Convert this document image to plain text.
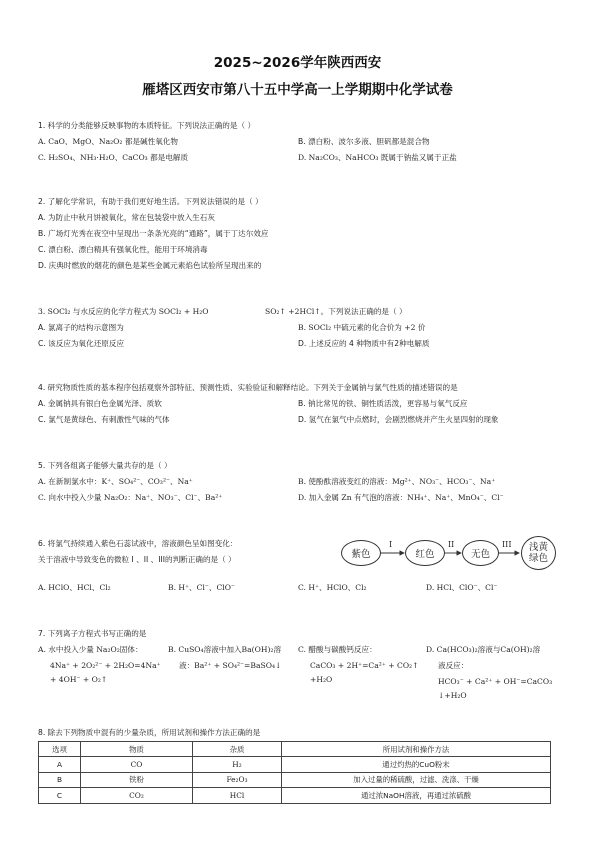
2025~2026学年陕西西安
雁塔区西安市第八十五中学高一上学期期中化学试卷
1. 科学的分类能够反映事物的本质特征。下列说法正确的是（ ）
A. CaO、MgO、Na₂O₂ 都是碱性氧化物	B. 漂白粉、波尔多液、胆矾都是混合物
C. H₂SO₄、NH₃·H₂O、CaCO₃ 都是电解质	D. Na₂CO₃、NaHCO₃ 既属于钠盐又属于正盐
2. 了解化学常识，有助于我们更好地生活。下列说法错误的是（ ）
A. 为防止中秋月饼被氧化，常在包装袋中放入生石灰
B. 广场灯光秀在夜空中呈现出一条条光亮的“通路”，属于丁达尔效应
C. 漂白粉、漂白精具有强氧化性，能用于环境消毒
D. 庆典时燃放的烟花的颜色是某些金属元素焰色试验所呈现出来的
3. SOCl₂ 与水反应的化学方程式为 SOCl₂ + H₂O	SO₂↑ +2HCl↑。下列说法正确的是（ ）
A. 氯离子的结构示意图为	B. SOCl₂ 中硫元素的化合价为 +2 价
C. 该反应为氧化还原反应	D. 上述反应的 4 种物质中有2种电解质
4. 研究物质性质的基本程序包括观察外部特征、预测性质、实验验证和解释结论。下列关于金属钠与氯气性质的描述错误的是
A. 金属钠具有银白色金属光泽、质软	B. 钠比常见的铁、铜性质活泼，更容易与氧气反应
C. 氯气是黄绿色、有刺激性气味的气体	D. 氢气在氯气中点燃时，会剧烈燃烧并产生火星四射的现象
5. 下列各组离子能够大量共存的是（ ）
A. 在新制氯水中：K⁺、SO₄²⁻、CO₃²⁻、Na⁺	B. 使酚酞溶液变红的溶液：Mg²⁺、NO₃⁻、HCO₃⁻、Na⁺
C. 向水中投入少量 Na₂O₂：Na⁺、NO₃⁻、Cl⁻、Ba²⁺	D. 加入金属 Zn 有气泡的溶液：NH₄⁺、Na⁺、MnO₄⁻、Cl⁻
6. 将氯气持续通入紫色石蕊试液中，溶液颜色呈如图变化：
关于溶液中导致变色的微粒 I 、II 、III的判断正确的是（ ）	紫色
I
红色
II
无色
III 浅黄
绿色
A. HClO、HCl、Cl₂	B. H⁺、Cl⁻、ClO⁻	C. H⁺、HClO、Cl₂	D. HCl、ClO⁻、Cl⁻
7. 下列离子方程式书写正确的是
A. 水中投入少量 Na₂O₂固体：
4Na⁺ + 2O₂²⁻ + 2H₂O=4Na⁺
+ 4OH⁻ + O₂↑
B. CuSO₄溶液中加入Ba(OH)₂溶
液：Ba²⁺ + SO₄²⁻=BaSO₄↓
C. 醋酸与碳酸钙反应：
CaCO₃ + 2H⁺=Ca²⁺ + CO₂↑
+H₂O
D. Ca(HCO₃)₂溶液与Ca(OH)₂溶
液反应：
HCO₃⁻ + Ca²⁺ + OH⁻=CaCO₃
↓+H₂O
8. 除去下列物质中混有的少量杂质，所用试剂和操作方法正确的是
选项	物质	杂质	所用试剂和操作方法
A	CO	H₂	通过灼热的CuO粉末
B	铁粉	Fe₂O₃	加入过量的稀硫酸，过滤、洗涤、干燥
C	CO₂	HCl	通过浓NaOH溶液，再通过浓硫酸
